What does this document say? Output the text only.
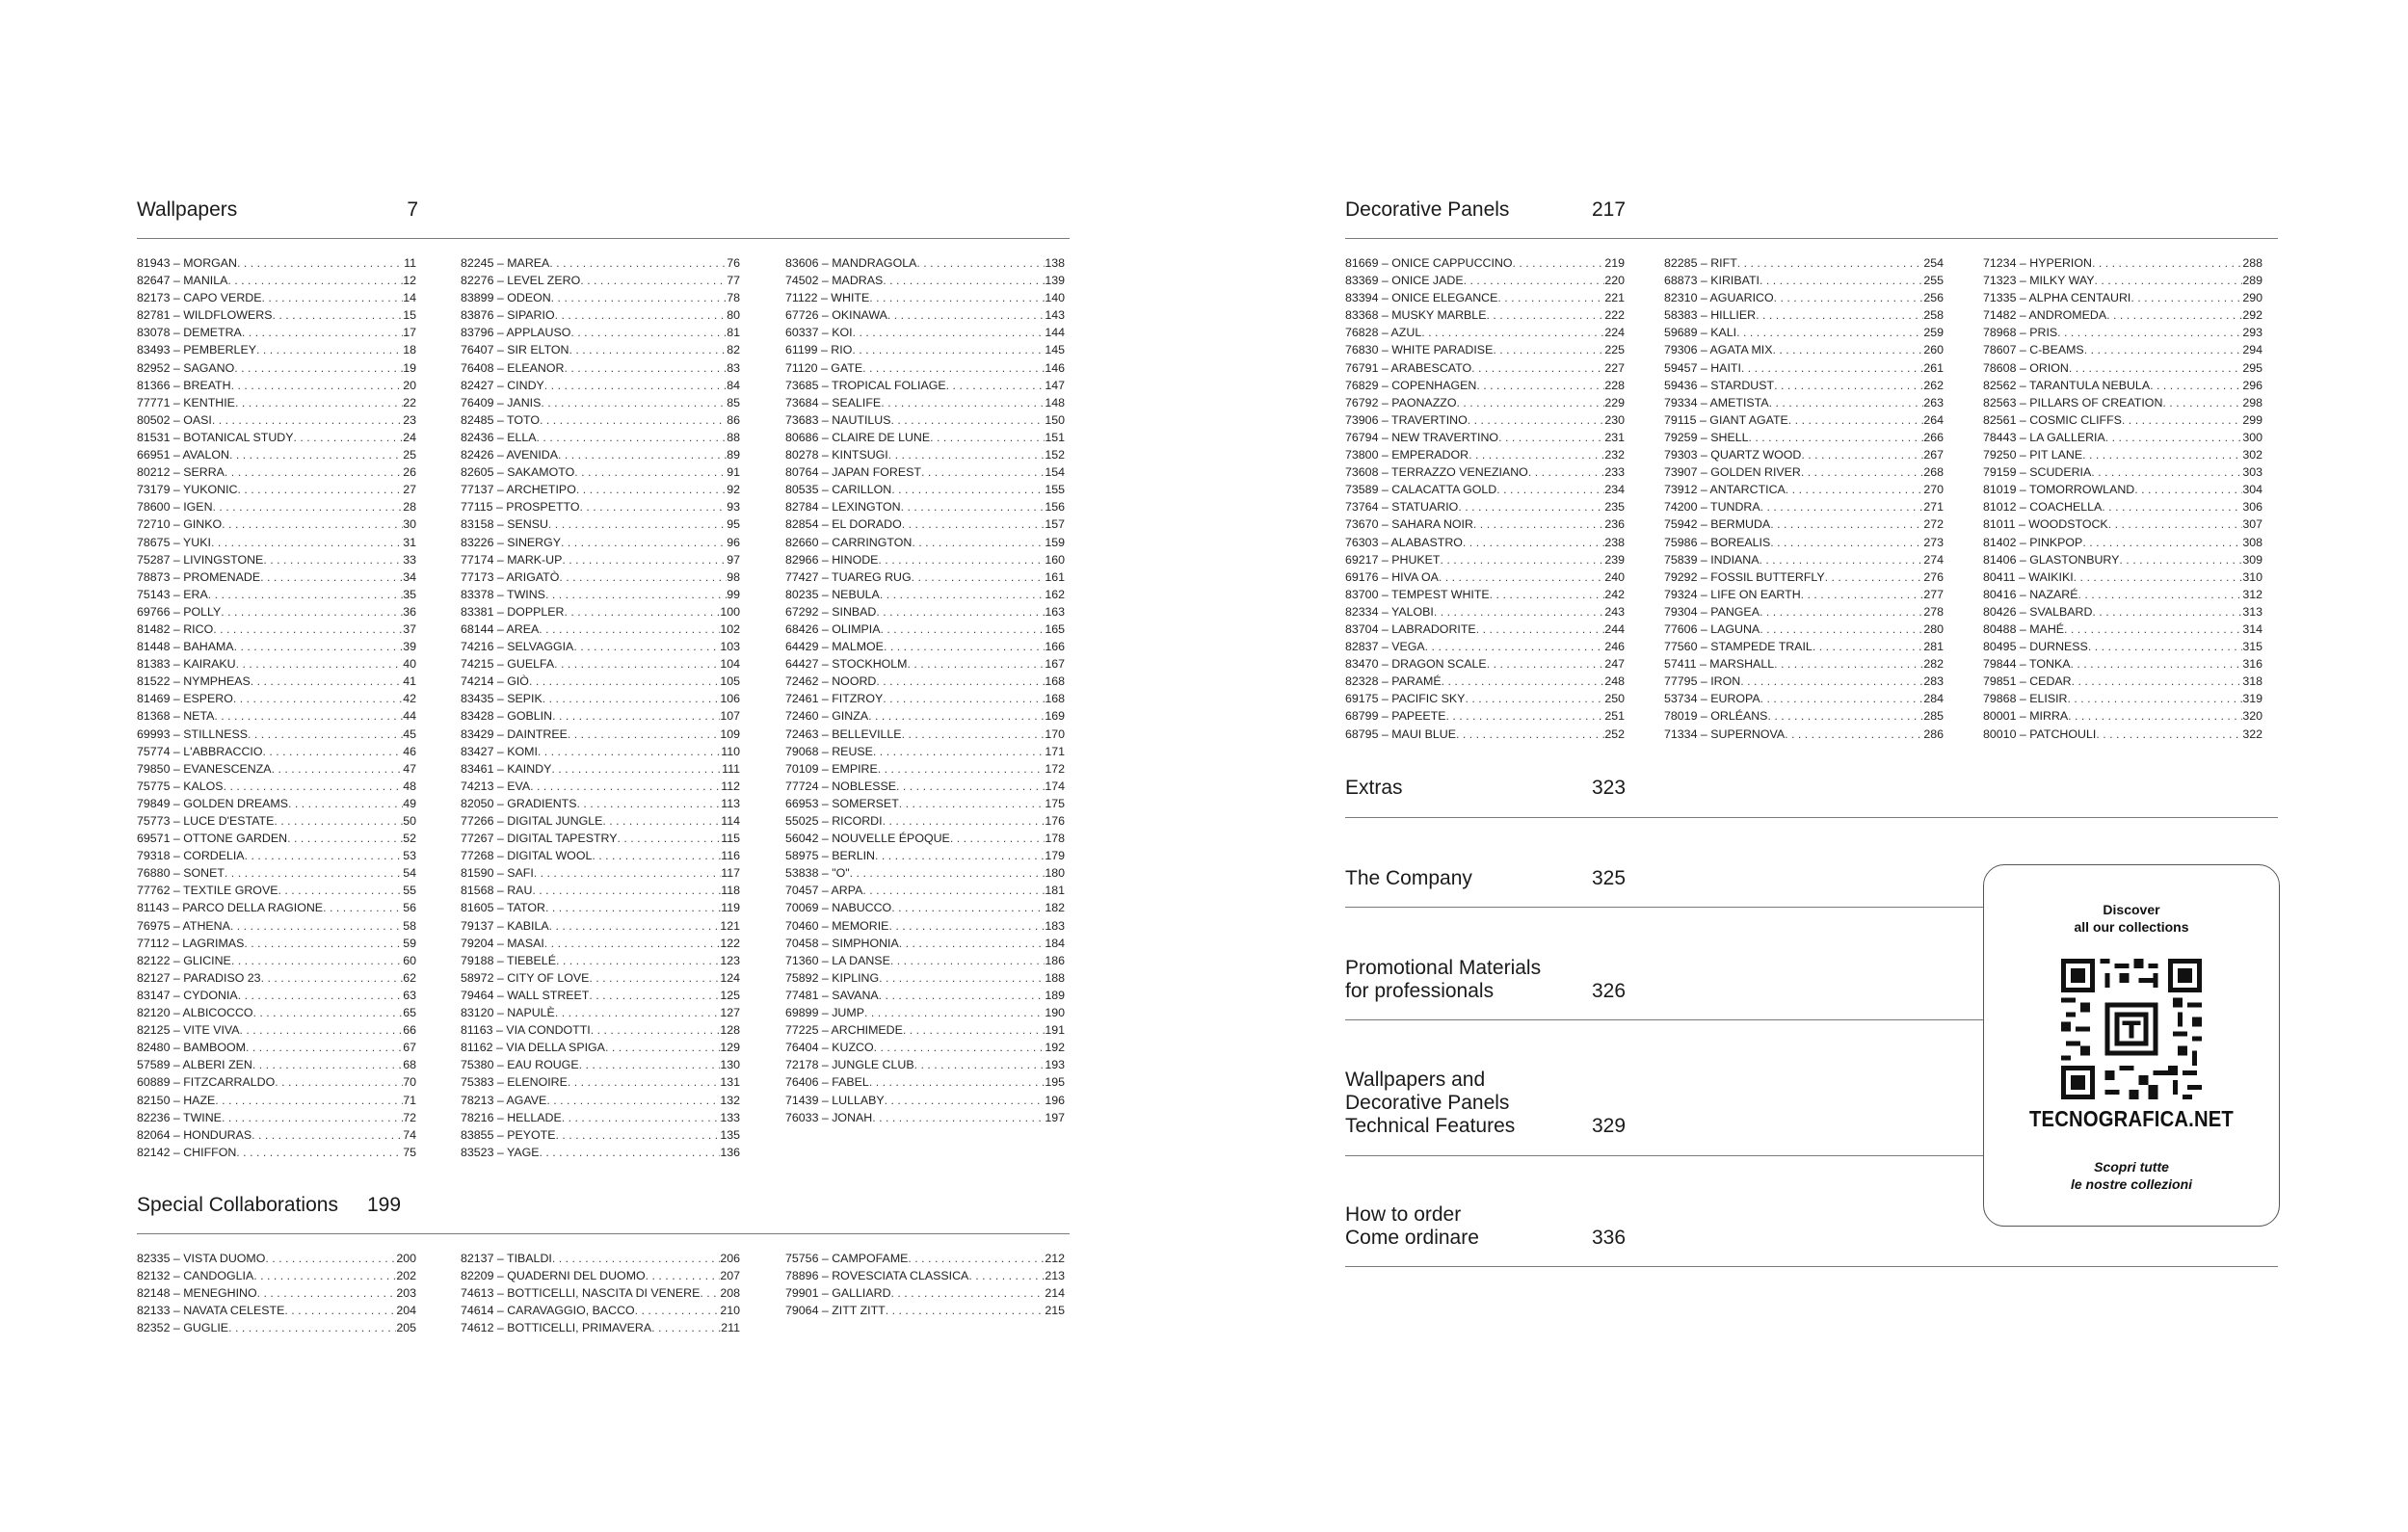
Wallpapers	7
81943 – MORGAN . . .	11
82647 – MANILA . . .	12
82173 – CAPO VERDE . . .	14
82781 – WILDFLOWERS . . .	15
83078 – DEMETRA . . .	17
83493 – PEMBERLEY . . .	18
82952 – SAGANO . . .	19
81366 – BREATH . . .	20
77771 – KENTHIE . . .	22
80502 – OASI . . .	23
81531 – BOTANICAL STUDY . . .	24
66951 – AVALON . . .	25
80212 – SERRA . . .	26
73179 – YUKONIC . . .	27
78600 – IGEN . . .	28
72710 – GINKO . . .	30
78675 – YUKI . . .	31
75287 – LIVINGSTONE . . .	33
78873 – PROMENADE . . .	34
75143 – ERA . . .	35
69766 – POLLY . . .	36
81482 – RICO . . .	37
81448 – BAHAMA . . .	39
81383 – KAIRAKU . . .	40
81522 – NYMPHEAS . . .	41
81469 – ESPERO . . .	42
81368 – NETA . . .	44
69993 – STILLNESS . . .	45
75774 – L'ABBRACCIO . . .	46
79850 – EVANESCENZA . . .	47
75775 – KALOS . . .	48
79849 – GOLDEN DREAMS . . .	49
75773 – LUCE D'ESTATE . . .	50
69571 – OTTONE GARDEN . . .	52
79318 – CORDELIA . . .	53
76880 – SONET . . .	54
77762 – TEXTILE GROVE . . .	55
81143 – PARCO DELLA RAGIONE . . .	56
76975 – ATHENA . . .	58
77112 – LAGRIMAS . . .	59
82122 – GLICINE . . .	60
82127 – PARADISO 23 . . .	62
83147 – CYDONIA . . .	63
82120 – ALBICOCCO . . .	65
82125 – VITE VIVA . . .	66
82480 – BAMBOOM . . .	67
57589 – ALBERI ZEN . . .	68
60889 – FITZCARRALDO . . .	70
82150 – HAZE . . .	71
82236 – TWINE . . .	72
82064 – HONDURAS . . .	74
82142 – CHIFFON . . .	75
82245 – MAREA . . .	76
82276 – LEVEL ZERO . . .	77
83899 – ODEON . . .	78
83876 – SIPARIO . . .	80
83796 – APPLAUSO . . .	81
76407 – SIR ELTON . . .	82
76408 – ELEANOR . . .	83
82427 – CINDY . . .	84
76409 – JANIS . . .	85
82485 – TOTO . . .	86
82436 – ELLA . . .	88
82426 – AVENIDA . . .	89
82605 – SAKAMOTO . . .	91
77137 – ARCHETIPO . . .	92
77115 – PROSPETTO . . .	93
83158 – SENSU . . .	95
83226 – SINERGY . . .	96
77174 – MARK-UP . . .	97
77173 – ARIGATÒ . . .	98
83378 – TWINS . . .	99
83381 – DOPPLER . . .	100
68144 – AREA . . .	102
74216 – SELVAGGIA . . .	103
74215 – GUELFA . . .	104
74214 – GIÒ . . .	105
83435 – SEPIK . . .	106
83428 – GOBLIN . . .	107
83429 – DAINTREE . . .	109
83427 – KOMI . . .	110
83461 – KAINDY . . .	111
74213 – EVA . . .	112
82050 – GRADIENTS . . .	113
77266 – DIGITAL JUNGLE . . .	114
77267 – DIGITAL TAPESTRY . . .	115
77268 – DIGITAL WOOL . . .	116
81590 – SAFI . . .	117
81568 – RAU . . .	118
81605 – TATOR . . .	119
79137 – KABILA . . .	121
79204 – MASAI . . .	122
79188 – TIEBELÉ . . .	123
58972 – CITY OF LOVE . . .	124
79464 – WALL STREET . . .	125
83120 – NAPULÈ . . .	127
81163 – VIA CONDOTTI . . .	128
81162 – VIA DELLA SPIGA . . .	129
75380 – EAU ROUGE . . .	130
75383 – ELENOIRE . . .	131
78213 – AGAVE . . .	132
78216 – HELLADE . . .	133
83855 – PEYOTE . . .	135
83523 – YAGE . . .	136
83606 – MANDRAGOLA . . .	138
74502 – MADRAS . . .	139
71122 – WHITE . . .	140
67726 – OKINAWA . . .	143
60337 – KOI . . .	144
61199 – RIO . . .	145
71120 – GATE . . .	146
73685 – TROPICAL FOLIAGE . . .	147
73684 – SEALIFE . . .	148
73683 – NAUTILUS . . .	150
80686 – CLAIRE DE LUNE . . .	151
80278 – KINTSUGI . . .	152
80764 – JAPAN FOREST . . .	154
80535 – CARILLON . . .	155
82784 – LEXINGTON . . .	156
82854 – EL DORADO . . .	157
82660 – CARRINGTON . . .	159
82966 – HINODE . . .	160
77427 – TUAREG RUG . . .	161
80235 – NEBULA . . .	162
67292 – SINBAD . . .	163
68426 – OLIMPIA . . .	165
64429 – MALMOE . . .	166
64427 – STOCKHOLM . . .	167
72462 – NOORD . . .	168
72461 – FITZROY . . .	168
72460 – GINZA . . .	169
72463 – BELLEVILLE . . .	170
79068 – REUSE . . .	171
70109 – EMPIRE . . .	172
77724 – NOBLESSE . . .	174
66953 – SOMERSET . . .	175
55025 – RICORDI . . .	176
56042 – NOUVELLE ÉPOQUE . . .	178
58975 – BERLIN . . .	179
53838 – "O" . . .	180
70457 – ARPA . . .	181
70069 – NABUCCO . . .	182
70460 – MEMORIE . . .	183
70458 – SIMPHONIA . . .	184
71360 – LA DANSE . . .	186
75892 – KIPLING . . .	188
77481 – SAVANA . . .	189
69899 – JUMP . . .	190
77225 – ARCHIMEDE . . .	191
76404 – KUZCO . . .	192
72178 – JUNGLE CLUB . . .	193
76406 – FABEL . . .	195
71439 – LULLABY . . .	196
76033 – JONAH . . .	197
Special Collaborations 199
82335 – VISTA DUOMO . . .	200
82132 – CANDOGLIA . . .	202
82148 – MENEGHINO . . .	203
82133 – NAVATA CELESTE . . .	204
82352 – GUGLIE . . .	205
82137 – TIBALDI . . .	206
82209 – QUADERNI DEL DUOMO . . .	207
74613 – BOTTICELLI, NASCITA DI VENERE . . . 208
74614 – CARAVAGGIO, BACCO . . .	210
74612 – BOTTICELLI, PRIMAVERA . . .	211
75756 – CAMPOFAME . . .	212
78896 – ROVESCIATA CLASSICA . . .	213
79901 – GALLIARD . . .	214
79064 – ZITT ZITT . . .	215
Decorative Panels	217
81669 – ONICE CAPPUCCINO . . .	219
83369 – ONICE JADE . . .	220
83394 – ONICE ELEGANCE . . .	221
83368 – MUSKY MARBLE . . .	222
76828 – AZUL . . .	224
76830 – WHITE PARADISE . . .	225
76791 – ARABESCATO . . .	227
76829 – COPENHAGEN . . .	228
76792 – PAONAZZO . . .	229
73906 – TRAVERTINO . . .	230
76794 – NEW TRAVERTINO . . .	231
73800 – EMPERADOR . . .	232
73608 – TERRAZZO VENEZIANO . . .	233
73589 – CALACATTA GOLD . . .	234
73764 – STATUARIO . . .	235
73670 – SAHARA NOIR . . .	236
76303 – ALABASTRO . . .	238
69217 – PHUKET . . .	239
69176 – HIVA OA . . .	240
83700 – TEMPEST WHITE . . .	242
82334 – YALOBI . . .	243
83704 – LABRADORITE . . .	244
82837 – VEGA . . .	246
83470 – DRAGON SCALE . . .	247
82328 – PARAMÉ . . .	248
69175 – PACIFIC SKY . . .	250
68799 – PAPEETE . . .	251
68795 – MAUI BLUE . . .	252
82285 – RIFT . . .	254
68873 – KIRIBATI . . .	255
82310 – AGUARICO . . .	256
58383 – HILLIER . . .	258
59689 – KALI . . .	259
79306 – AGATA MIX . . .	260
59457 – HAITI . . .	261
59436 – STARDUST . . .	262
79334 – AMETISTA . . .	263
79115 – GIANT AGATE . . .	264
79259 – SHELL . . .	266
79303 – QUARTZ WOOD . . .	267
73907 – GOLDEN RIVER . . .	268
73912 – ANTARCTICA . . .	270
74200 – TUNDRA . . .	271
75942 – BERMUDA . . .	272
75986 – BOREALIS . . .	273
75839 – INDIANA . . .	274
79292 – FOSSIL BUTTERFLY . . .	276
79324 – LIFE ON EARTH . . .	277
79304 – PANGEA . . .	278
77606 – LAGUNA . . .	280
77560 – STAMPEDE TRAIL . . .	281
57411 – MARSHALL . . .	282
77795 – IRON . . .	283
53734 – EUROPA . . .	284
78019 – ORLÉANS . . .	285
71334 – SUPERNOVA . . .	286
71234 – HYPERION . . .	288
71323 – MILKY WAY . . .	289
71335 – ALPHA CENTAURI . . .	290
71482 – ANDROMEDA . . .	292
78968 – PRIS . . .	293
78607 – C-BEAMS . . .	294
78608 – ORION . . .	295
82562 – TARANTULA NEBULA . . .	296
82563 – PILLARS OF CREATION . . .	298
82561 – COSMIC CLIFFS . . .	299
78443 – LA GALLERIA . . .	300
79250 – PIT LANE . . .	302
79159 – SCUDERIA . . .	303
81019 – TOMORROWLAND . . .	304
81012 – COACHELLA . . .	306
81011 – WOODSTOCK . . .	307
81402 – PINKPOP . . .	308
81406 – GLASTONBURY . . .	309
80411 – WAIKIKI . . .	310
80416 – NAZARÉ . . .	312
80426 – SVALBARD . . .	313
80488 – MAHÉ . . .	314
80495 – DURNESS . . .	315
79844 – TONKA . . .	316
79851 – CEDAR . . .	318
79868 – ELISIR . . .	319
80001 – MIRRA . . .	320
80010 – PATCHOULI . . .	322
Extras	323
The Company	325
Promotional Materials
for professionals	326
Wallpapers and
Decorative Panels
Technical Features	329
How to order
Come ordinare	336
Discover
all our collections
TECNOGRAFICA.NET
Scopri tutte
le nostre collezioni
